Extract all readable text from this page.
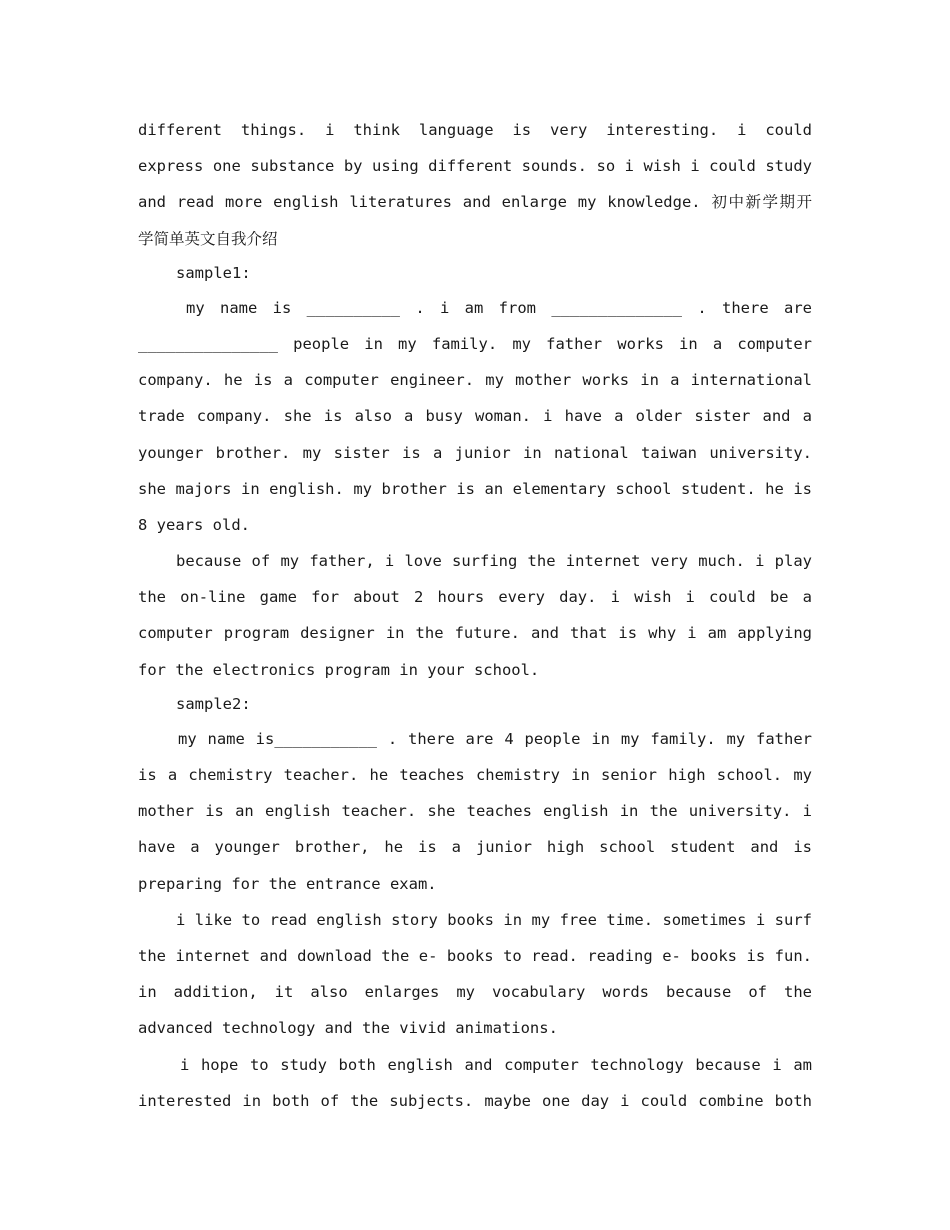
different things. i think language is very interesting. i could
express one substance by using different sounds. so i wish i could study
and read more english literatures and enlarge my knowledge. 初中新学期开
学简单英文自我介绍
sample1:
my name is __________ . i am from ______________ . there are
_______________ people in my family. my father works in a computer
company. he is a computer engineer. my mother works in a international
trade company. she is also a busy woman. i have a older sister and a
younger brother. my sister is a junior in national taiwan university.
she majors in english. my brother is an elementary school student. he is
8 years old.
because of my father, i love surfing the internet very much. i play
the on-line game for about 2 hours every day. i wish i could be a
computer program designer in the future. and that is why i am applying
for the electronics program in your school.
sample2:
my name is___________ . there are 4 people in my family. my father
is a chemistry teacher. he teaches chemistry in senior high school. my
mother is an english teacher. she teaches english in the university. i
have a younger brother, he is a junior high school student and is
preparing for the entrance exam.
i like to read english story books in my free time. sometimes i surf
the internet and download the e- books to read. reading e- books is fun.
in addition, it also enlarges my vocabulary words because of the
advanced technology and the vivid animations.
i hope to study both english and computer technology because i am
interested in both of the subjects. maybe one day i could combine both
